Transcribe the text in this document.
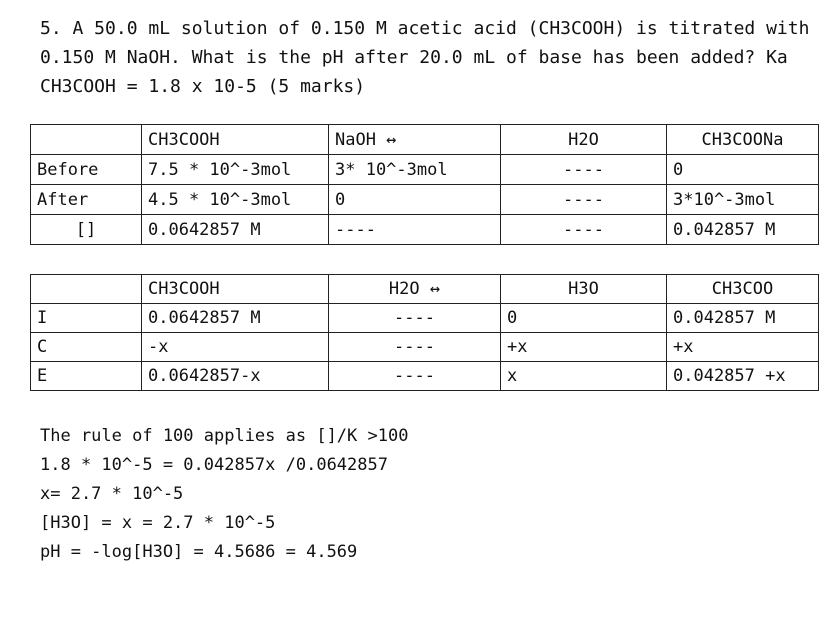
5. A 50.0 mL solution of 0.150 M acetic acid (CH3COOH) is titrated with 0.150 M NaOH. What is the pH after 20.0 mL of base has been added? Ka CH3COOH = 1.8 x 10-5 (5 marks)
	CH3COOH	NaOH ↔	H2O	CH3COONa
Before	7.5 * 10^-3mol	3* 10^-3mol	----	0
After	4.5 * 10^-3mol	0	----	3*10^-3mol
[]	0.0642857 M	----	----	0.042857 M
	CH3COOH	H2O ↔	H3O	CH3COO
I	0.0642857 M	----	0	0.042857 M
C	-x	----	+x	+x
E	0.0642857-x	----	x	0.042857 +x
The rule of 100 applies as []/K >100
1.8 * 10^-5 = 0.042857x /0.0642857
x= 2.7 * 10^-5
[H3O] = x = 2.7 * 10^-5
pH = -log[H3O] = 4.5686 = 4.569
